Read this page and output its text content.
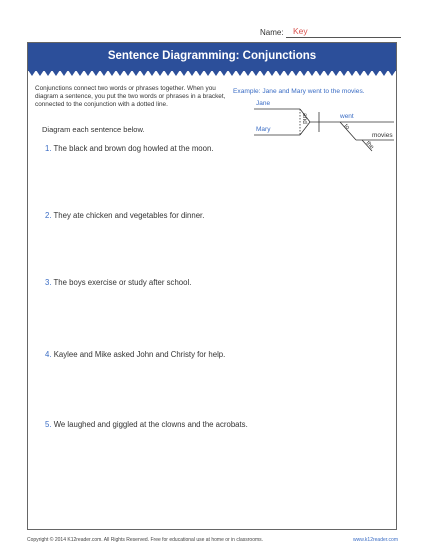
Name: Key
Sentence Diagramming: Conjunctions
Conjunctions connect two words or phrases together. When you diagram a sentence, you put the two words or phrases in a bracket, connected to the conjunction with a dotted line.
Diagram each sentence below.
Example: Jane and Mary went to the movies.
Jane
Mary
and	went
to
movies
the
1. The black and brown dog howled at the moon.
2. They ate chicken and vegetables for dinner.
3. The boys exercise or study after school.
4. Kaylee and Mike asked John and Christy for help.
5. We laughed and giggled at the clowns and the acrobats.
Copyright © 2014 K12reader.com. All Rights Reserved. Free for educational use at home or in classrooms.	www.k12reader.com
